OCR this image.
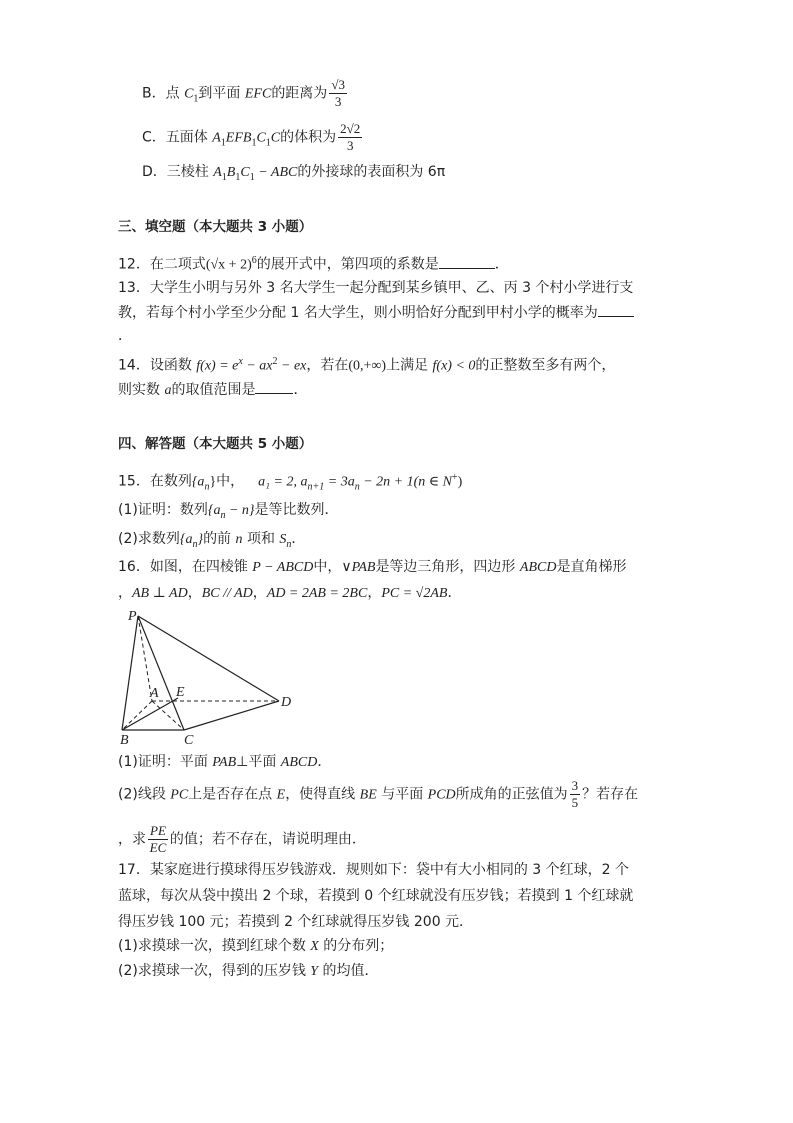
B．点 $C_1$到平面 EFC的距离为 $\frac{√3}{3}$
C．五面体 $A_1EFB_1C_1C$的体积为 $\frac{2√2}{3}$
D．三棱柱 $A_1B_1C_1$ − ABC的外接球的表面积为 6π
三、填空题（本大题共 3 小题）
12．在二项式$(√x + 2)^6$的展开式中，第四项的系数是	．
13．大学生小明与另外 3 名大学生一起分配到某乡镇甲、乙、丙 3 个村小学进行支
教，若每个村小学至少分配 1 名大学生，则小明恰好分配到甲村小学的概率为
．
14．设函数 $f(x) = e^x - ax^2$ − ex，若在(0,+∞)上满足 f(x) < 0的正整数至多有两个，
则实数 a的取值范围是	．
四、解答题（本大题共 5 小题）
15．在数列$\{a_n\}$中， a₁ = 2, $a_{n+1} = 3a_n - 2n + 1(n$ ∈ N+)
(1)证明：数列$\{a_n - n\}$是等比数列．
(2)求数列$\{a_n\}$的前 n 项和 $S_n$．
16．如图，在四棱锥 P − ABCD中，∨PAB是等边三角形，四边形 ABCD是直角梯形
，AB ⊥ AD，BC // AD，AD = 2AB = 2BC，PC = √2AB．
P
A E
D
B	C
(1)证明：平面 PAB⊥平面 ABCD．
(2)线段 PC上是否存在点 E，使得直线 BE 与平面 PCD所成角的正弦值为 $\frac{3}{5}$ ？若存在
，求 $\frac{PE}{EC}$ 的值；若不存在，请说明理由．
17．某家庭进行摸球得压岁钱游戏．规则如下：袋中有大小相同的 3 个红球，2 个
蓝球，每次从袋中摸出 2 个球，若摸到 0 个红球就没有压岁钱；若摸到 1 个红球就
得压岁钱 100 元；若摸到 2 个红球就得压岁钱 200 元．
(1)求摸球一次，摸到红球个数 X 的分布列；
(2)求摸球一次，得到的压岁钱 Y 的均值．
